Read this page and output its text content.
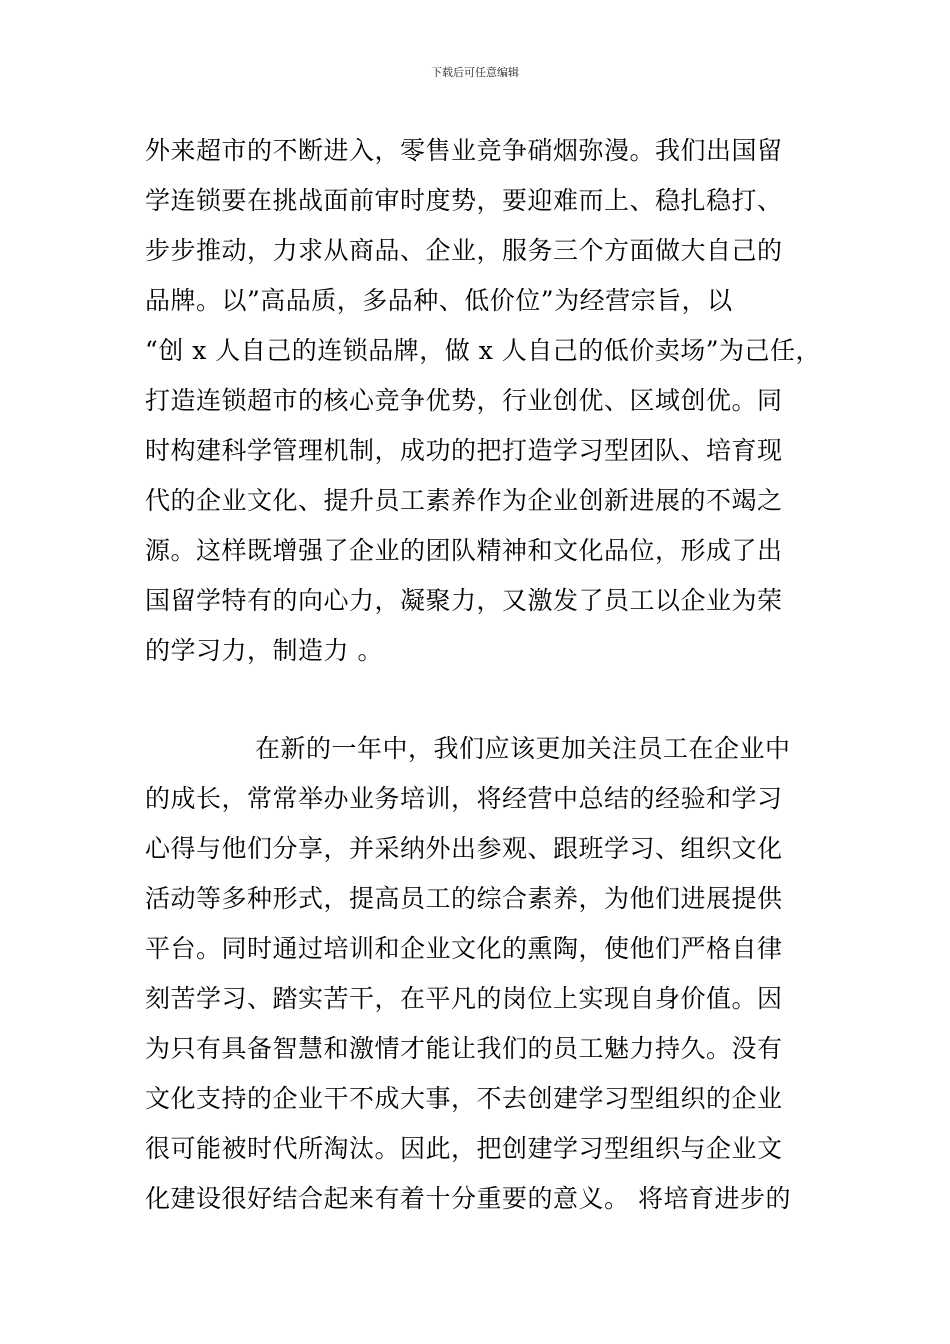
下载后可任意编辑
外来超市的不断进入，零售业竞争硝烟弥漫。我们出国留
学连锁要在挑战面前审时度势，要迎难而上、稳扎稳打、
步步推动，力求从商品、企业，服务三个方面做大自己的
品牌。以”高品质，多品种、低价位”为经营宗旨，以
“创 x 人自己的连锁品牌，做 x 人自己的低价卖场”为己任，
打造连锁超市的核心竞争优势，行业创优、区域创优。同
时构建科学管理机制，成功的把打造学习型团队、培育现
代的企业文化、提升员工素养作为企业创新进展的不竭之
源。这样既增强了企业的团队精神和文化品位，形成了出
国留学特有的向心力，凝聚力，又激发了员工以企业为荣
的学习力，制造力 。
在新的一年中，我们应该更加关注员工在企业中
的成长，常常举办业务培训，将经营中总结的经验和学习
心得与他们分享，并采纳外出参观、跟班学习、组织文化
活动等多种形式，提高员工的综合素养，为他们进展提供
平台。同时通过培训和企业文化的熏陶，使他们严格自律
刻苦学习、踏实苦干，在平凡的岗位上实现自身价值。因
为只有具备智慧和激情才能让我们的员工魅力持久。没有
文化支持的企业干不成大事，不去创建学习型组织的企业
很可能被时代所淘汰。因此，把创建学习型组织与企业文
化建设很好结合起来有着十分重要的意义。 将培育进步的
